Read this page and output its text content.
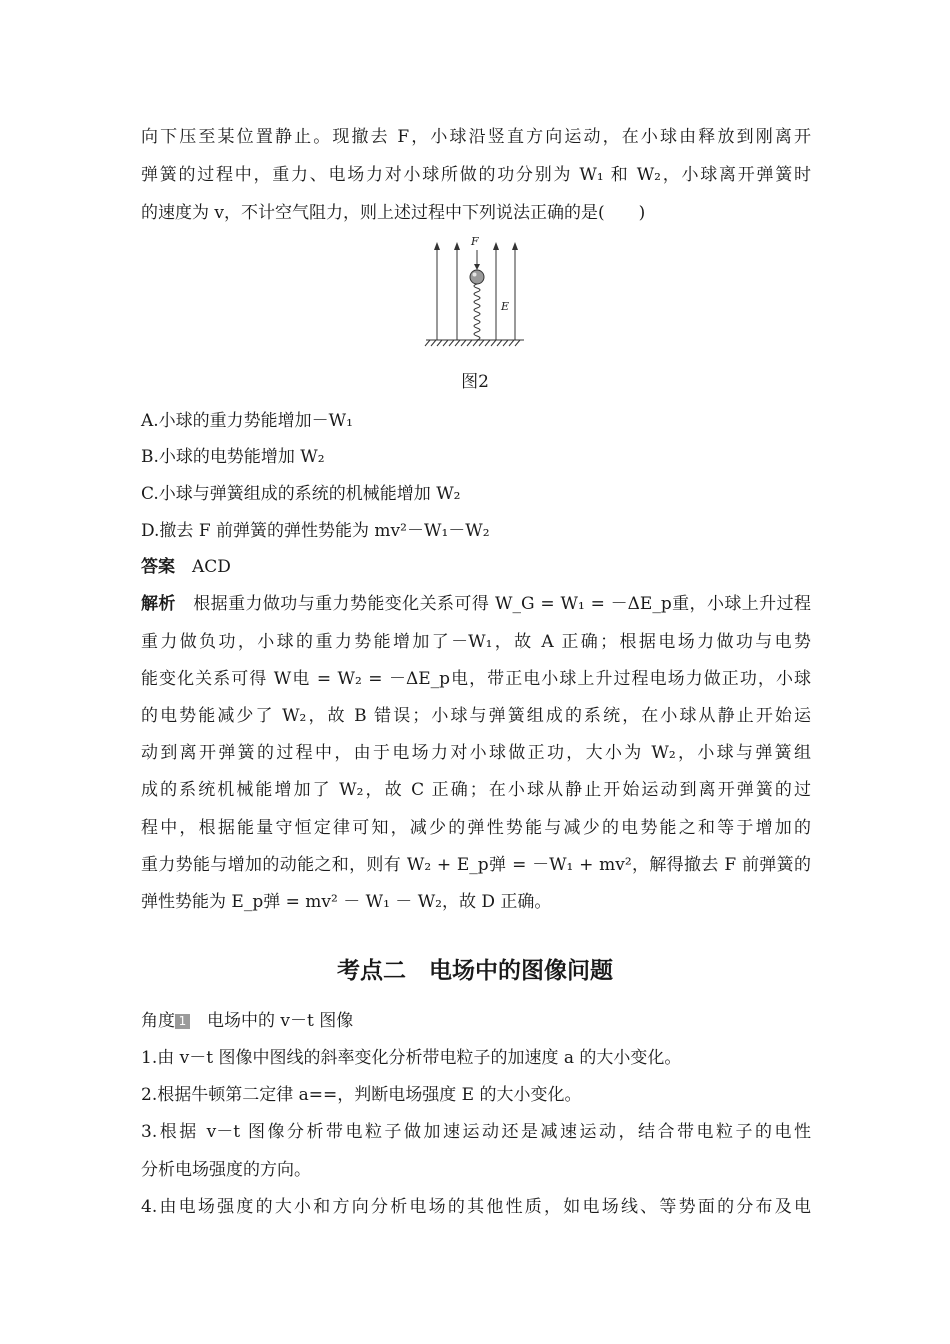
向下压至某位置静止。现撤去 F，小球沿竖直方向运动，在小球由释放到刚离开
弹簧的过程中，重力、电场力对小球所做的功分别为 W₁ 和 W₂，小球离开弹簧时
的速度为 v，不计空气阻力，则上述过程中下列说法正确的是(　　)
F
E
图2
A.小球的重力势能增加－W₁
B.小球的电势能增加 W₂
C.小球与弹簧组成的系统的机械能增加 W₂
D.撤去 F 前弹簧的弹性势能为 mv²－W₁－W₂
答案　 ACD
解析　 根据重力做功与重力势能变化关系可得 W_G = W₁ = －ΔE_p重，小球上升过程
重力做负功，小球的重力势能增加了－W₁，故 A 正确；根据电场力做功与电势
能变化关系可得 W电 = W₂ = －ΔE_p电，带正电小球上升过程电场力做正功，小球
的电势能减少了 W₂，故 B 错误；小球与弹簧组成的系统，在小球从静止开始运
动到离开弹簧的过程中，由于电场力对小球做正功，大小为 W₂，小球与弹簧组
成的系统机械能增加了 W₂，故 C 正确；在小球从静止开始运动到离开弹簧的过
程中，根据能量守恒定律可知，减少的弹性势能与减少的电势能之和等于增加的
重力势能与增加的动能之和，则有 W₂ + E_p弹 = －W₁ + mv²，解得撤去 F 前弹簧的
弹性势能为 E_p弹 = mv² － W₁ － W₂，故 D 正确。
考点二　电场中的图像问题
角度 1　 电场中的 v－t 图像
1.由 v－t 图像中图线的斜率变化分析带电粒子的加速度 a 的大小变化。
2.根据牛顿第二定律 a==，判断电场强度 E 的大小变化。
3.根据 v－t 图像分析带电粒子做加速运动还是减速运动，结合带电粒子的电性
分析电场强度的方向。
4.由电场强度的大小和方向分析电场的其他性质，如电场线、等势面的分布及电
